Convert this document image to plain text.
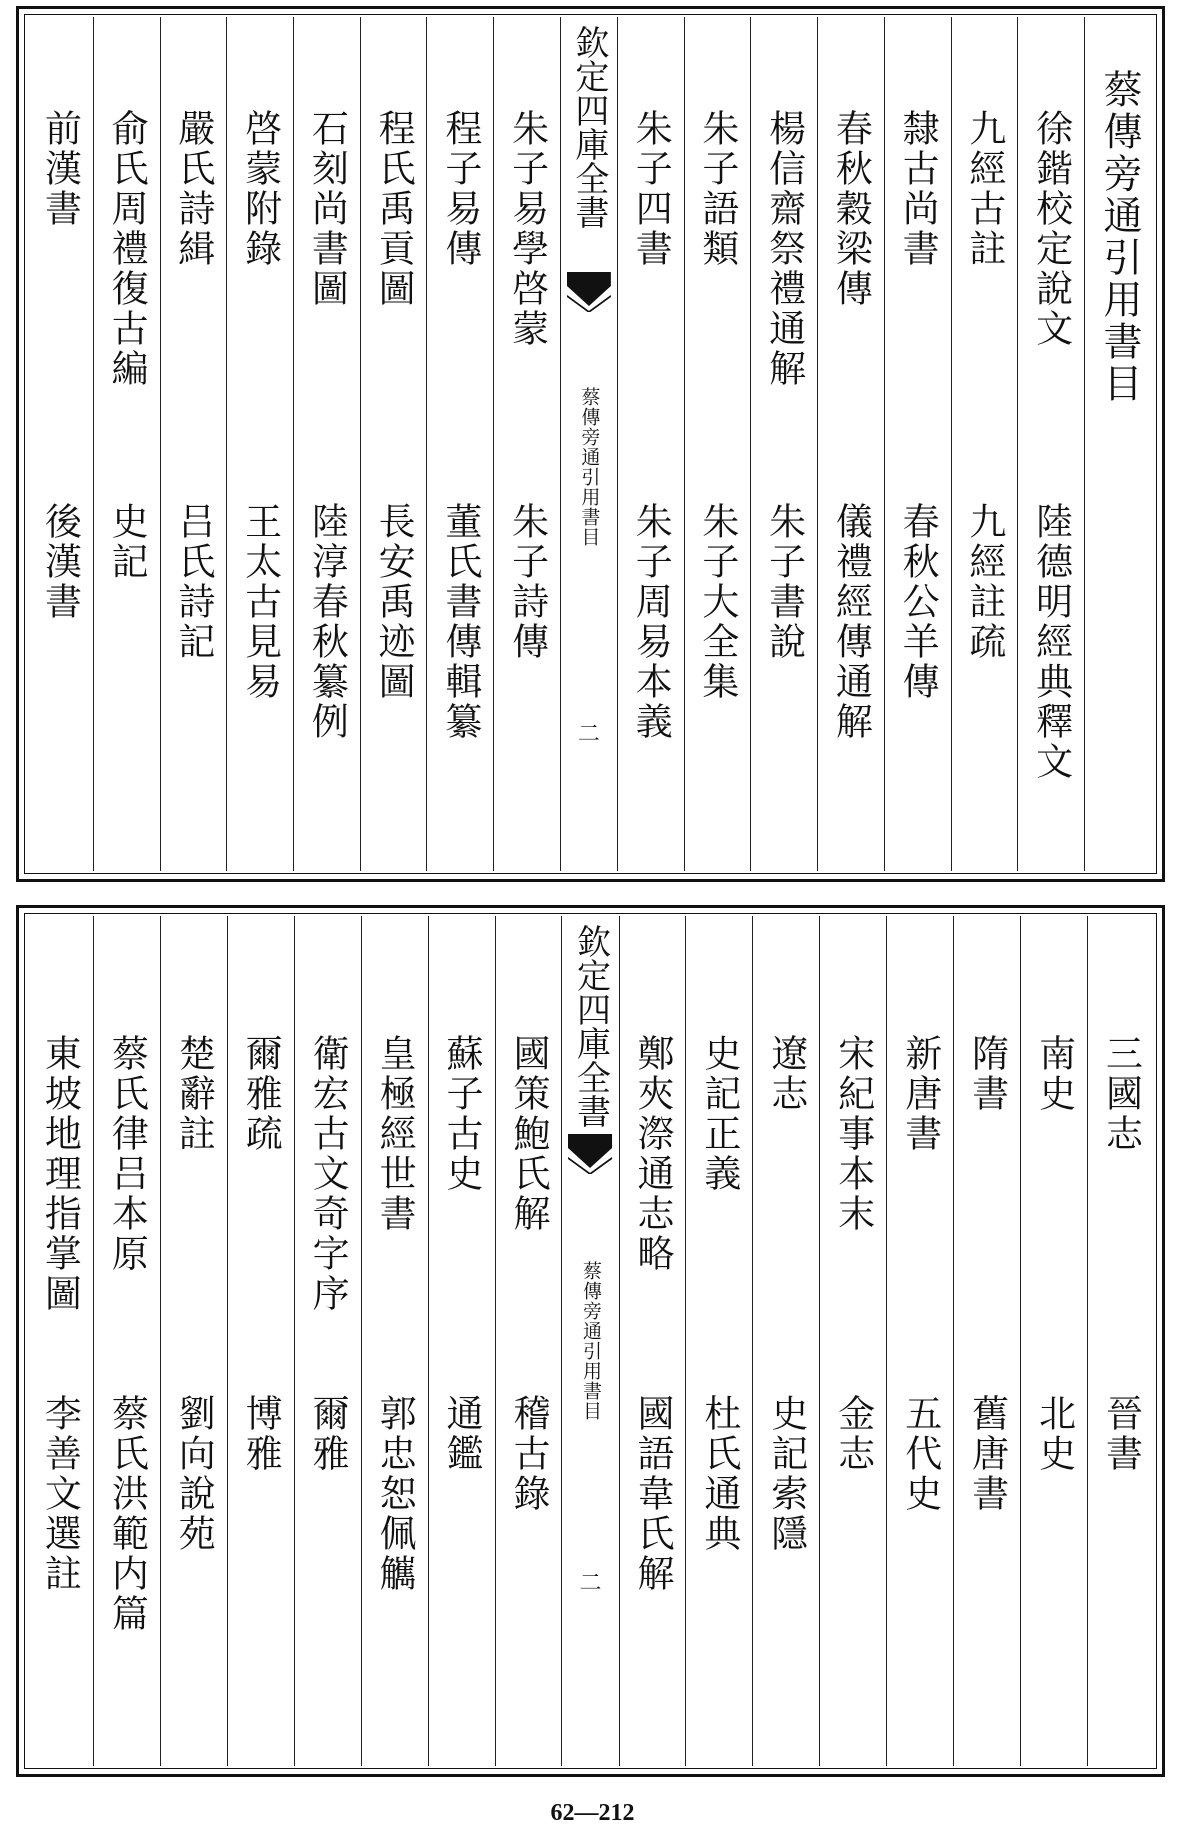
蔡傳旁通引用書目
徐鍇校定說文
陸德明經典釋文
九經古註
九經註疏
隸古尚書
春秋公羊傳
春秋穀梁傳
儀禮經傳通解
楊信齋祭禮通解
朱子書說
朱子語類
朱子大全集
朱子四書
朱子周易本義
欽定四庫全書
蔡傳旁通引用書目
二
朱子易學啓蒙
朱子詩傳
程子易傳
董氏書傳輯纂
程氏禹貢圖
長安禹迹圖
石刻尚書圖
陸淳春秋纂例
啓蒙附錄
王太古見易
嚴氏詩緝
吕氏詩記
俞氏周禮復古編
史記
前漢書
後漢書
三國志
晉書
南史
北史
隋書
舊唐書
新唐書
五代史
宋紀事本末
金志
遼志
史記索隱
史記正義
杜氏通典
鄭夾漈通志略
國語韋氏解
欽定四庫全書
蔡傳旁通引用書目
二
國策鮑氏解
稽古錄
蘇子古史
通鑑
皇極經世書
郭忠恕佩觽
衛宏古文奇字序
爾雅
爾雅疏
博雅
楚辭註
劉向說苑
蔡氏律吕本原
蔡氏洪範内篇
東坡地理指掌圖
李善文選註
62—212
